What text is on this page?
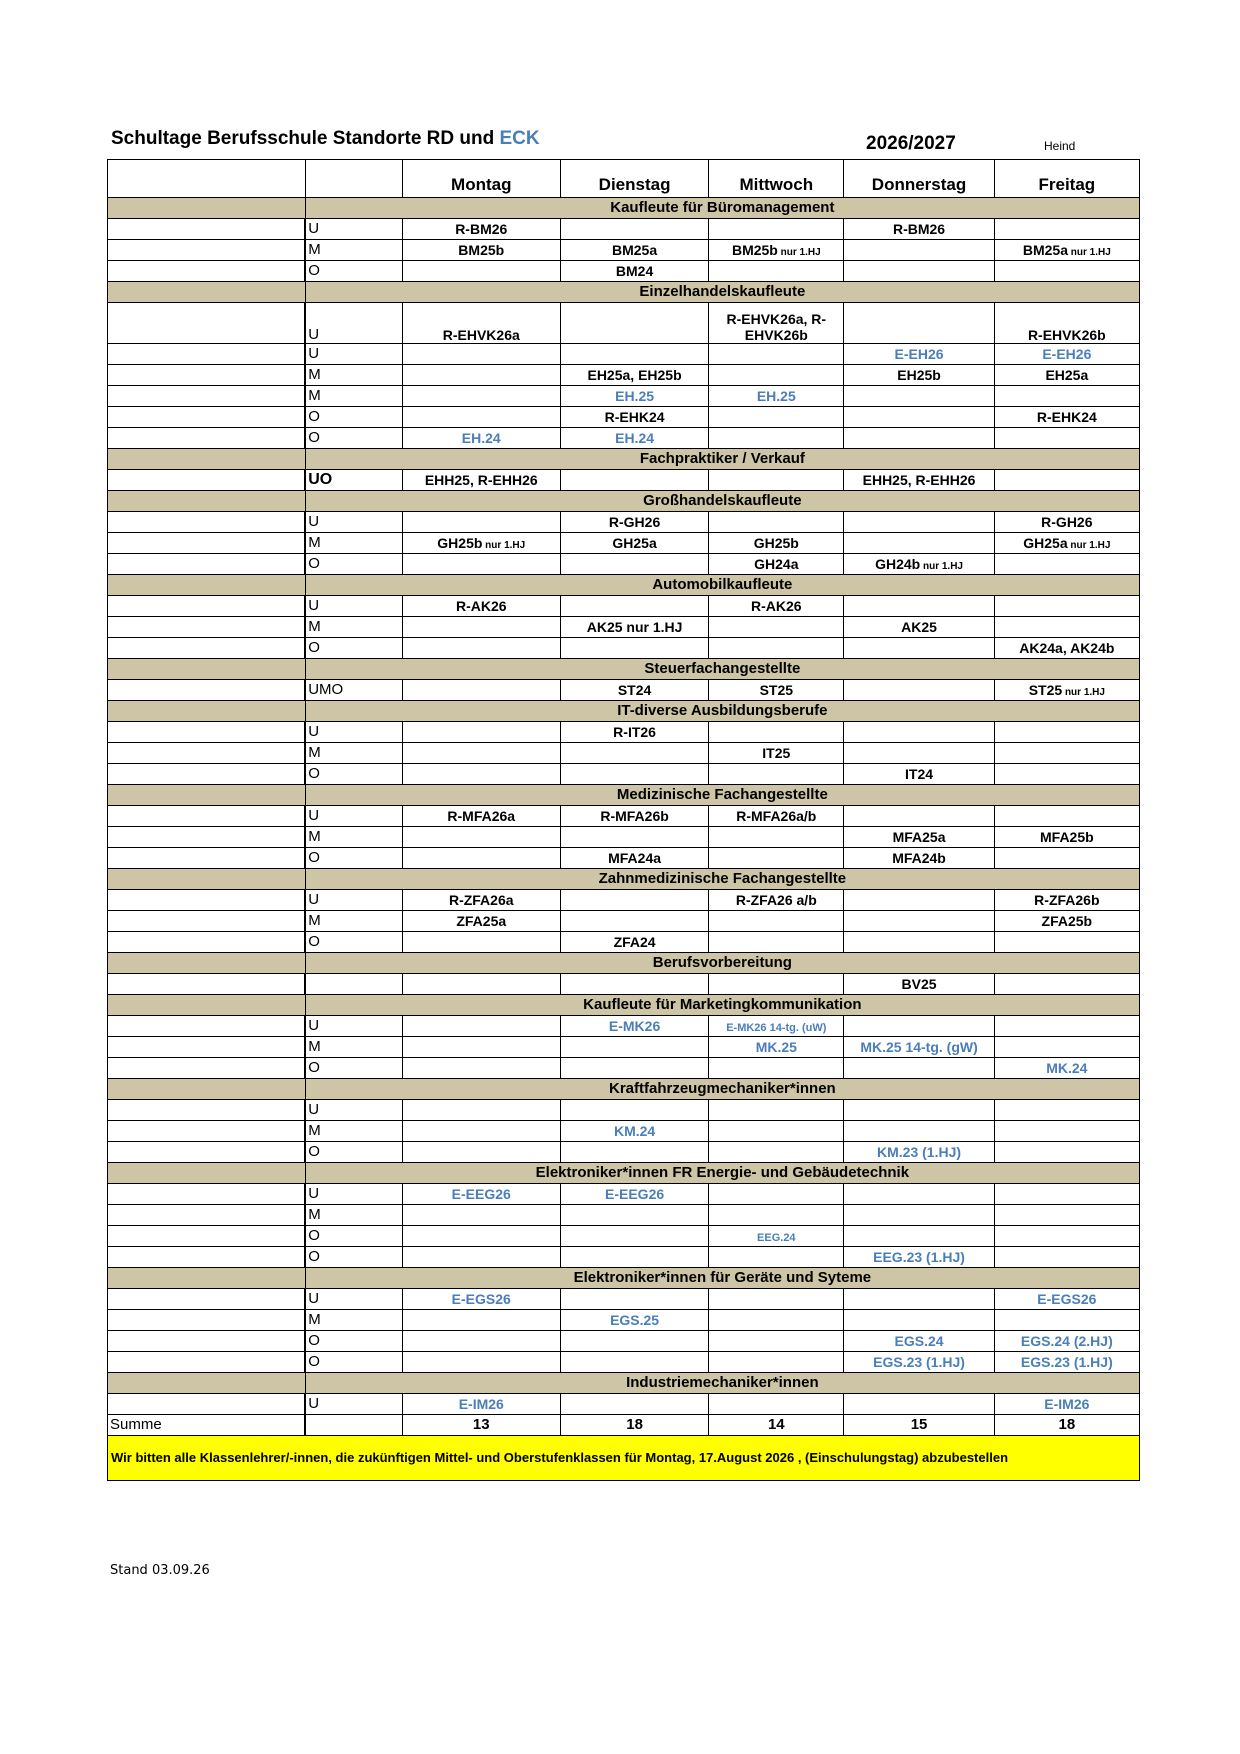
Schultage Berufsschule Standorte RD und ECK	2026/2027	Heind
		Montag	Dienstag	Mittwoch	Donnerstag	Freitag
	Kaufleute für Büromanagement					
	U	R-BM26			R-BM26	
	M	BM25b	BM25a	BM25b nur 1.HJ		BM25a nur 1.HJ
	O		BM24			
	Einzelhandelskaufleute					
	U	R-EHVK26a		R-EHVK26a, R-EHVK26b		R-EHVK26b
	U				E-EH26	E-EH26
	M		EH25a, EH25b		EH25b	EH25a
	M		EH.25	EH.25		
	O		R-EHK24			R-EHK24
	O	EH.24	EH.24			
	Fachpraktiker / Verkauf					
	UO	EHH25, R-EHH26			EHH25, R-EHH26	
	Großhandelskaufleute					
	U		R-GH26			R-GH26
	M	GH25b nur 1.HJ	GH25a	GH25b		GH25a nur 1.HJ
	O			GH24a	GH24b nur 1.HJ	
	Automobilkaufleute					
	U	R-AK26		R-AK26		
	M		AK25 nur 1.HJ		AK25	
	O					AK24a, AK24b
	Steuerfachangestellte					
	UMO		ST24	ST25		ST25 nur 1.HJ
	IT-diverse Ausbildungsberufe					
	U		R-IT26			
	M			IT25		
	O				IT24	
	Medizinische Fachangestellte					
	U	R-MFA26a	R-MFA26b	R-MFA26a/b		
	M				MFA25a	MFA25b
	O		MFA24a		MFA24b	
	Zahnmedizinische Fachangestellte					
	U	R-ZFA26a		R-ZFA26 a/b		R-ZFA26b
	M	ZFA25a				ZFA25b
	O		ZFA24			
	Berufsvorbereitung					
					BV25	
	Kaufleute für Marketingkommunikation					
	U		E-MK26	E-MK26 14-tg. (uW)		
	M			MK.25	MK.25 14-tg. (gW)	
	O					MK.24
	Kraftfahrzeugmechaniker*innen					
	U					
	M		KM.24			
	O				KM.23 (1.HJ)	
	Elektroniker*innen FR Energie- und Gebäudetechnik					
	U	E-EEG26	E-EEG26			
	M					
	O			EEG.24		
	O				EEG.23 (1.HJ)	
	Elektroniker*innen für Geräte und Syteme					
	U	E-EGS26				E-EGS26
	M		EGS.25			
	O				EGS.24	EGS.24 (2.HJ)
	O				EGS.23 (1.HJ)	EGS.23 (1.HJ)
	Industriemechaniker*innen					
	U	E-IM26				E-IM26
Summe		13	18	14	15	18
Wir bitten alle Klassenlehrer/-innen, die zukünftigen Mittel- und Oberstufenklassen für Montag, 17.August 2026 , (Einschulungstag) abzubestellen						
Stand 03.09.26
